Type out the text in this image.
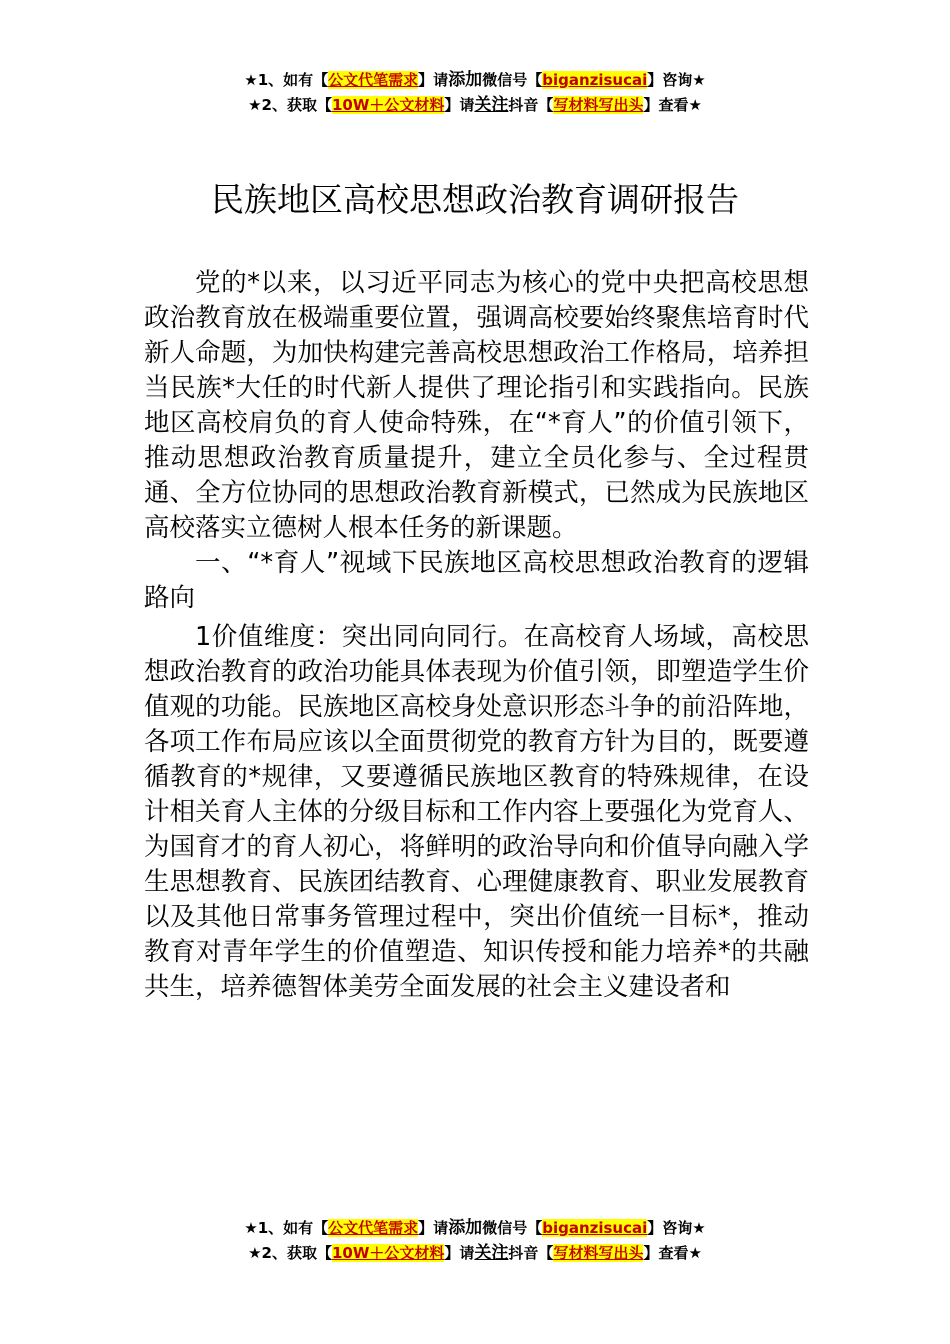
★1、如有【公文代笔需求】请添加微信号【biganzisucai】咨询★
★2、获取【10W＋公文材料】请关注抖音【写材料写出头】查看★
民族地区高校思想政治教育调研报告

党的*以来，以习近平同志为核心的党中央把高校思想政治教育放在极端重要位置，强调高校要始终聚焦培育时代新人命题，为加快构建完善高校思想政治工作格局，培养担当民族*大任的时代新人提供了理论指引和实践指向。民族地区高校肩负的育人使命特殊，在“*育人”的价值引领下，推动思想政治教育质量提升，建立全员化参与、全过程贯通、全方位协同的思想政治教育新模式，已然成为民族地区高校落实立德树人根本任务的新课题。

一、“*育人”视域下民族地区高校思想政治教育的逻辑路向

1价值维度：突出同向同行。在高校育人场域，高校思想政治教育的政治功能具体表现为价值引领，即塑造学生价值观的功能。民族地区高校身处意识形态斗争的前沿阵地，各项工作布局应该以全面贯彻党的教育方针为目的，既要遵循教育的*规律，又要遵循民族地区教育的特殊规律，在设计相关育人主体的分级目标和工作内容上要强化为党育人、为国育才的育人初心，将鲜明的政治导向和价值导向融入学生思想教育、民族团结教育、心理健康教育、职业发展教育以及其他日常事务管理过程中，突出价值统一目标*，推动教育对青年学生的价值塑造、知识传授和能力培养*的共融共生，培养德智体美劳全面发展的社会主义建设者和

★1、如有【公文代笔需求】请添加微信号【biganzisucai】咨询★
★2、获取【10W＋公文材料】请关注抖音【写材料写出头】查看★
